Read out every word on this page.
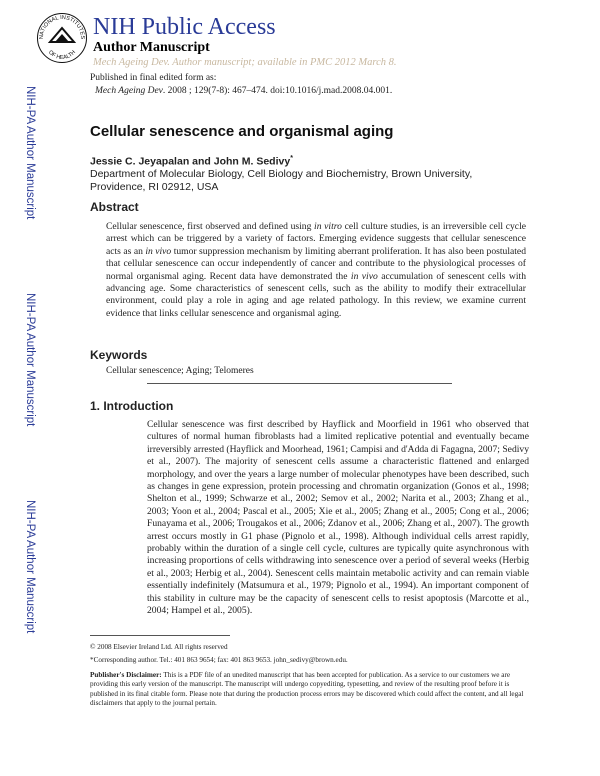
NATIONAL INSTITUTES
OF HEALTH
NIH Public Access
Author Manuscript
Mech Ageing Dev. Author manuscript; available in PMC 2012 March 8.
NIH-PA Author Manuscript
NIH-PA Author Manuscript
NIH-PA Author Manuscript
Published in final edited form as:
Mech Ageing Dev. 2008 ; 129(7-8): 467–474. doi:10.1016/j.mad.2008.04.001.
Cellular senescence and organismal aging
Jessie C. Jeyapalan and John M. Sedivy*
Department of Molecular Biology, Cell Biology and Biochemistry, Brown University, Providence, RI 02912, USA
Abstract
Cellular senescence, first observed and defined using in vitro cell culture studies, is an irreversible cell cycle arrest which can be triggered by a variety of factors. Emerging evidence suggests that cellular senescence acts as an in vivo tumor suppression mechanism by limiting aberrant proliferation. It has also been postulated that cellular senescence can occur independently of cancer and contribute to the physiological processes of normal organismal aging. Recent data have demonstrated the in vivo accumulation of senescent cells with advancing age. Some characteristics of senescent cells, such as the ability to modify their extracellular environment, could play a role in aging and age related pathology. In this review, we examine current evidence that links cellular senescence and organismal aging.
Keywords
Cellular senescence; Aging; Telomeres
1. Introduction
Cellular senescence was first described by Hayflick and Moorfield in 1961 who observed that cultures of normal human fibroblasts had a limited replicative potential and eventually became irreversibly arrested (Hayflick and Moorhead, 1961; Campisi and d'Adda di Fagagna, 2007; Sedivy et al., 2007). The majority of senescent cells assume a characteristic flattened and enlarged morphology, and over the years a large number of molecular phenotypes have been described, such as changes in gene expression, protein processing and chromatin organization (Gonos et al., 1998; Shelton et al., 1999; Schwarze et al., 2002; Semov et al., 2002; Narita et al., 2003; Zhang et al., 2003; Yoon et al., 2004; Pascal et al., 2005; Xie et al., 2005; Zhang et al., 2005; Cong et al., 2006; Funayama et al., 2006; Trougakos et al., 2006; Zdanov et al., 2006; Zhang et al., 2007). The growth arrest occurs mostly in G1 phase (Pignolo et al., 1998). Although individual cells arrest rapidly, probably within the duration of a single cell cycle, cultures are typically quite asynchronous with increasing proportions of cells withdrawing into senescence over a period of several weeks (Herbig et al., 2003; Herbig et al., 2004). Senescent cells maintain metabolic activity and can remain viable essentially indefinitely (Matsumura et al., 1979; Pignolo et al., 1994). An important component of this stability in culture may be the capacity of senescent cells to resist apoptosis (Marcotte et al., 2004; Hampel et al., 2005).
© 2008 Elsevier Ireland Ltd. All rights reserved
*Corresponding author. Tel.: 401 863 9654; fax: 401 863 9653. john_sedivy@brown.edu.
Publisher's Disclaimer: This is a PDF file of an unedited manuscript that has been accepted for publication. As a service to our customers we are providing this early version of the manuscript. The manuscript will undergo copyediting, typesetting, and review of the resulting proof before it is published in its final citable form. Please note that during the production process errors may be discovered which could affect the content, and all legal disclaimers that apply to the journal pertain.
